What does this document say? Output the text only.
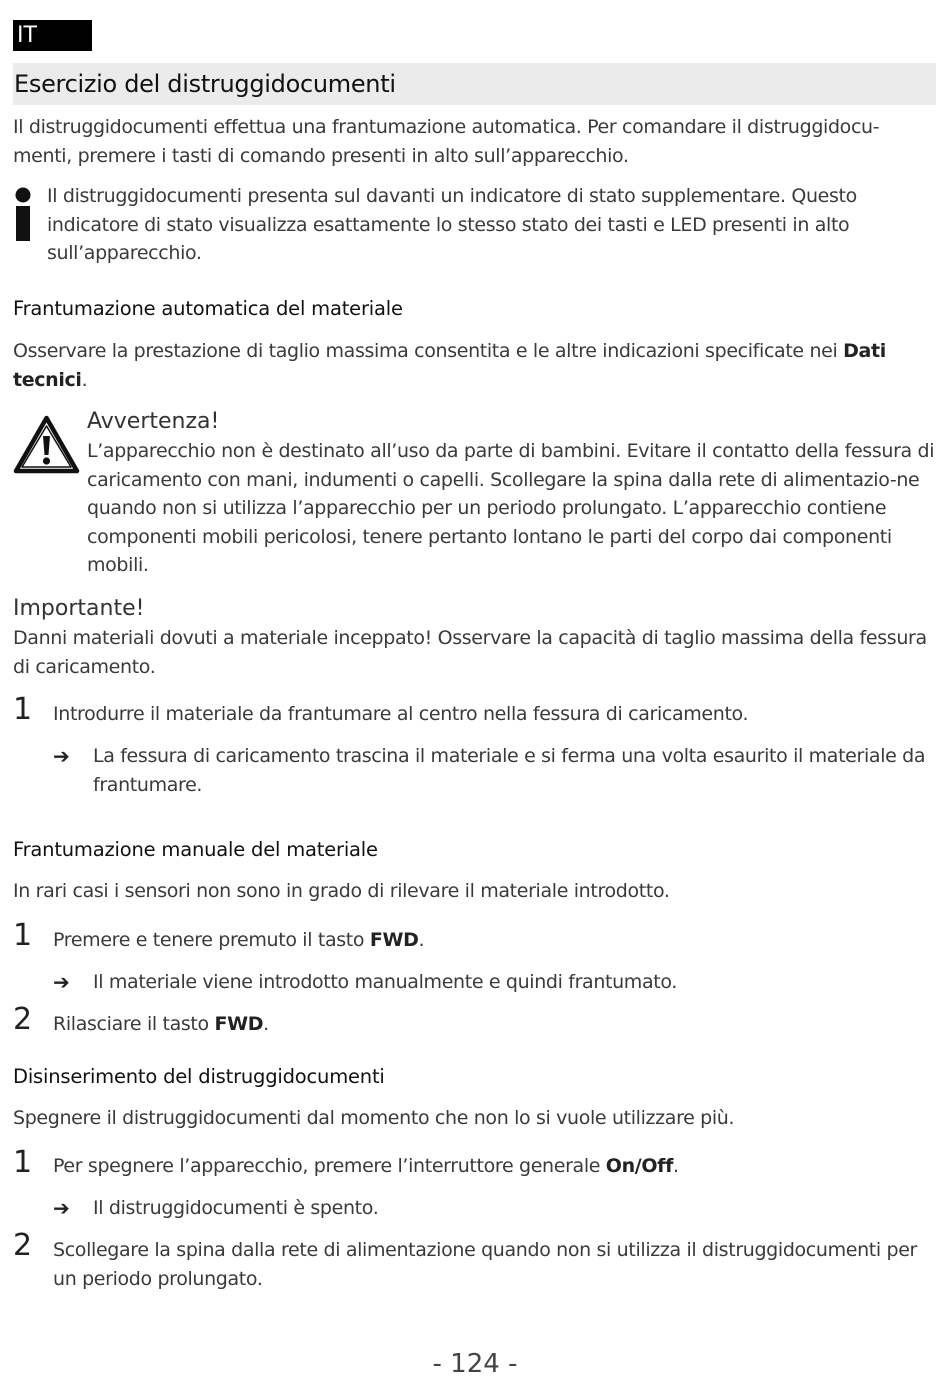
IT
Esercizio del distruggidocumenti

Il distruggidocumenti effettua una frantumazione automatica. Per comandare il distruggidocu-menti, premere i tasti di comando presenti in alto sull’apparecchio.

Il distruggidocumenti presenta sul davanti un indicatore di stato supplementare. Questo indicatore di stato visualizza esattamente lo stesso stato dei tasti e LED presenti in alto sull’apparecchio.

Frantumazione automatica del materiale

Osservare la prestazione di taglio massima consentita e le altre indicazioni specificate nei Dati tecnici.

Avvertenza!

L’apparecchio non è destinato all’uso da parte di bambini. Evitare il contatto della fessura di caricamento con mani, indumenti o capelli. Scollegare la spina dalla rete di alimentazio-ne quando non si utilizza l’apparecchio per un periodo prolungato. L’apparecchio contiene componenti mobili pericolosi, tenere pertanto lontano le parti del corpo dai componenti mobili.

Importante!

Danni materiali dovuti a materiale inceppato! Osservare la capacità di taglio massima della fessura di caricamento.

1 Introdurre il materiale da frantumare al centro nella fessura di caricamento.

➔ La fessura di caricamento trascina il materiale e si ferma una volta esaurito il materiale da frantumare.

Frantumazione manuale del materiale

In rari casi i sensori non sono in grado di rilevare il materiale introdotto.

1 Premere e tenere premuto il tasto FWD.

➔ Il materiale viene introdotto manualmente e quindi frantumato.

2 Rilasciare il tasto FWD.

Disinserimento del distruggidocumenti

Spegnere il distruggidocumenti dal momento che non lo si vuole utilizzare più.

1 Per spegnere l’apparecchio, premere l’interruttore generale On/Off.

➔ Il distruggidocumenti è spento.

2 Scollegare la spina dalla rete di alimentazione quando non si utilizza il distruggidocumenti per un periodo prolungato.

- 124 -
